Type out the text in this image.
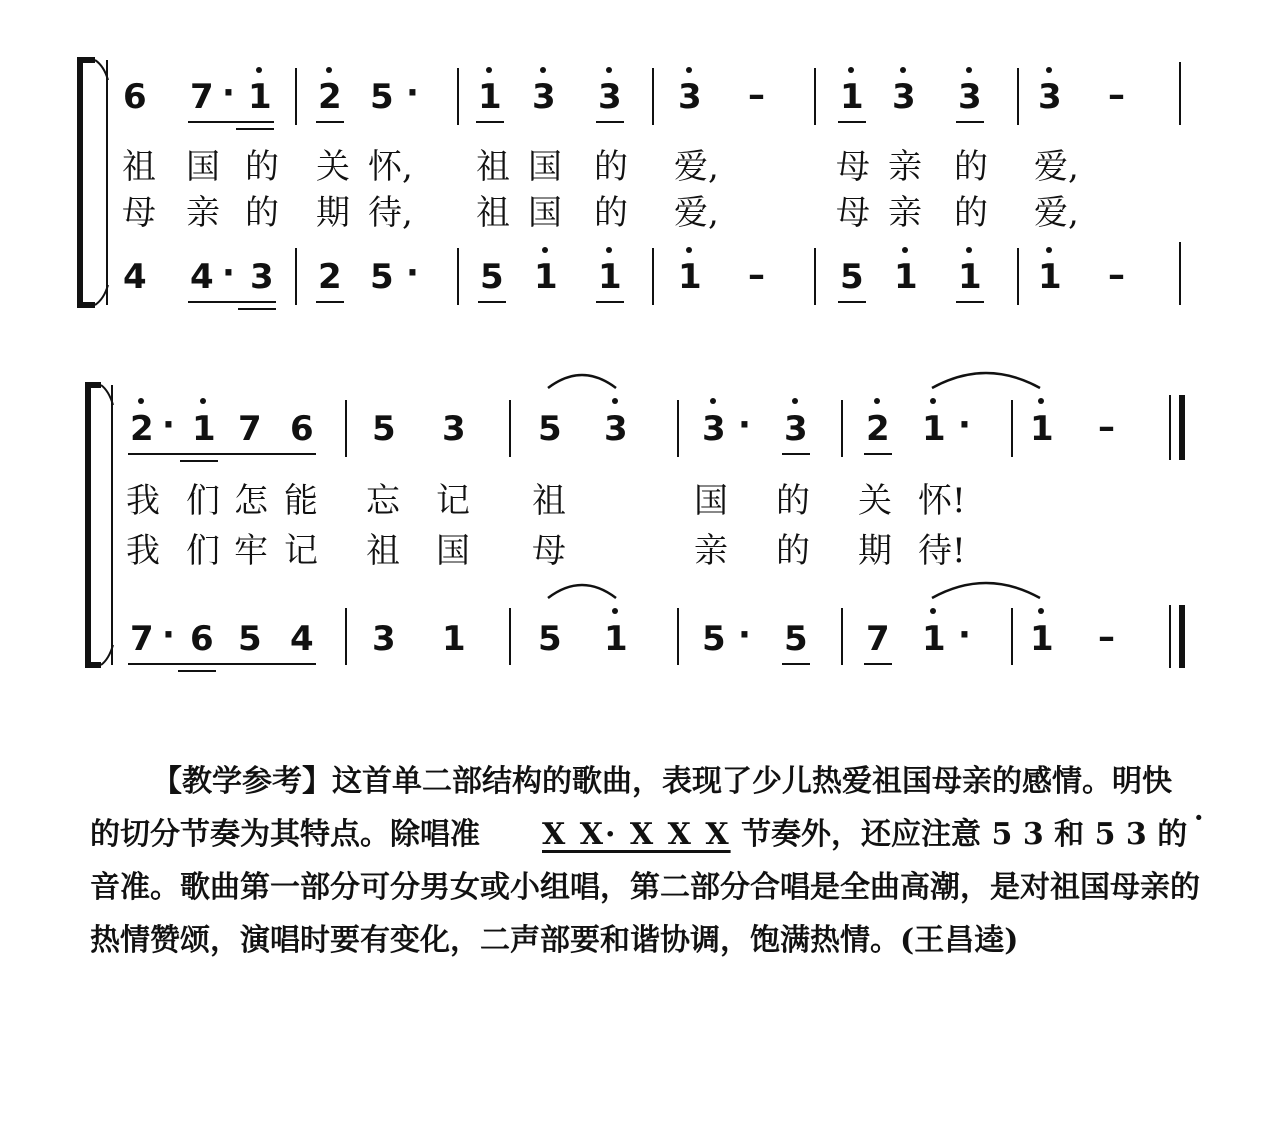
6 7 · 1 2 5 · 1 3 3 3 – 1 3 3 3 –
祖 国 的 关 怀, 祖 国 的 爱,	母 亲 的 爱,
母 亲 的 期 待, 祖 国 的 爱,	母 亲 的 爱,
4 4 · 3 2 5 · 5 1 1 1 – 5 1 1 1 –
2 · 1 7 6 5 3 5 3 3 · 3 2 1 · 1 –
我 们 怎 能 忘 记 祖	国 的 关 怀!
我 们 牢 记 祖 国 母	亲 的 期 待!
7 · 6 5 4 3 1 5 1 5 · 5 7 1 · 1 –

【教学参考】这首单二部结构的歌曲，表现了少儿热爱祖国母亲的感情。明快的切分节奏为其特点。除唱准 X X· X X X 节奏外，还应注意 5 3 和 5 · 3 的音准。歌曲第一部分可分男女或小组唱，第二部分合唱是全曲高潮，是对祖国母亲的热情赞颂，演唱时要有变化，二声部要和谐协调，饱满热情。(王昌逵)
